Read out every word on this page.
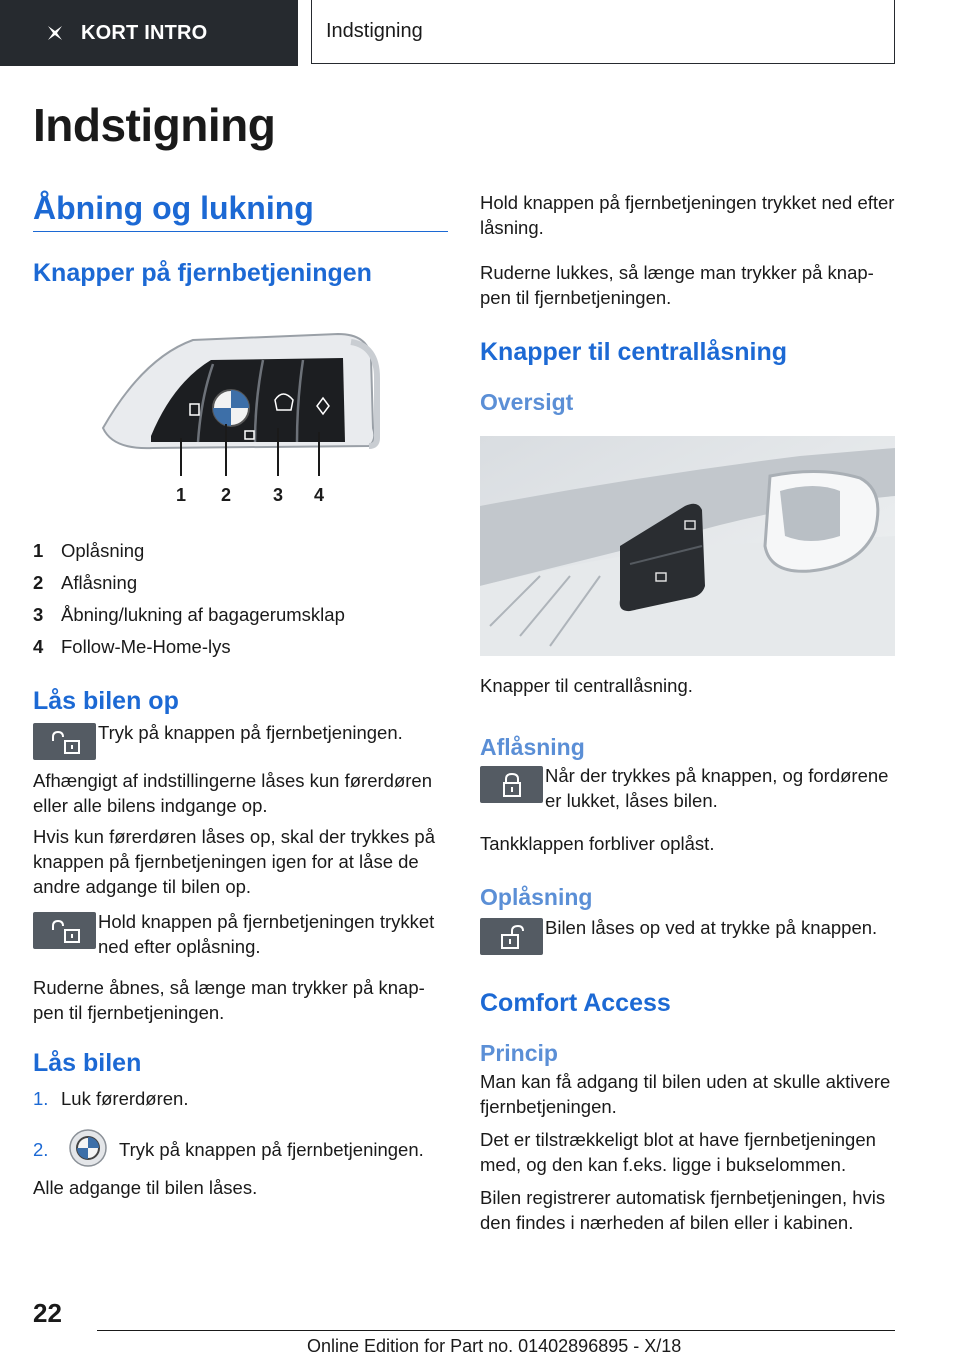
KORT INTRO	Indstigning
Indstigning
Åbning og lukning
Knapper på fjernbetjeningen
1 2 3 4
1 Oplåsning
2 Aflåsning
3 Åbning/lukning af bagagerumsklap
4 Follow-Me-Home-lys
Lås bilen op

Tryk på knappen på fjernbetjeningen.

Afhængigt af indstillingerne låses kun førerdøren eller alle bilens indgange op.

Hvis kun førerdøren låses op, skal der trykkes på knappen på fjernbetjeningen igen for at låse de andre adgange til bilen op.

Hold knappen på fjernbetjeningen trykket ned efter oplåsning.

Ruderne åbnes, så længe man trykker på knappen til fjernbetjeningen.

Lås bilen
1. Luk førerdøren.
2.	Tryk på knappen på fjernbetjeningen.

Alle adgange til bilen låses.

Hold knappen på fjernbetjeningen trykket ned efter låsning.

Ruderne lukkes, så længe man trykker på knappen til fjernbetjeningen.

Knapper til centrallåsning
Oversigt

Knapper til centrallåsning.

Aflåsning

Når der trykkes på knappen, og fordørene er lukket, låses bilen.

Tankklappen forbliver oplåst.

Oplåsning

Bilen låses op ved at trykke på knappen.

Comfort Access
Princip

Man kan få adgang til bilen uden at skulle aktivere fjernbetjeningen.

Det er tilstrækkeligt blot at have fjernbetjeningen med, og den kan f.eks. ligge i bukselommen.

Bilen registrerer automatisk fjernbetjeningen, hvis den findes i nærheden af bilen eller i kabinen.

22
Online Edition for Part no. 01402896895 - X/18
